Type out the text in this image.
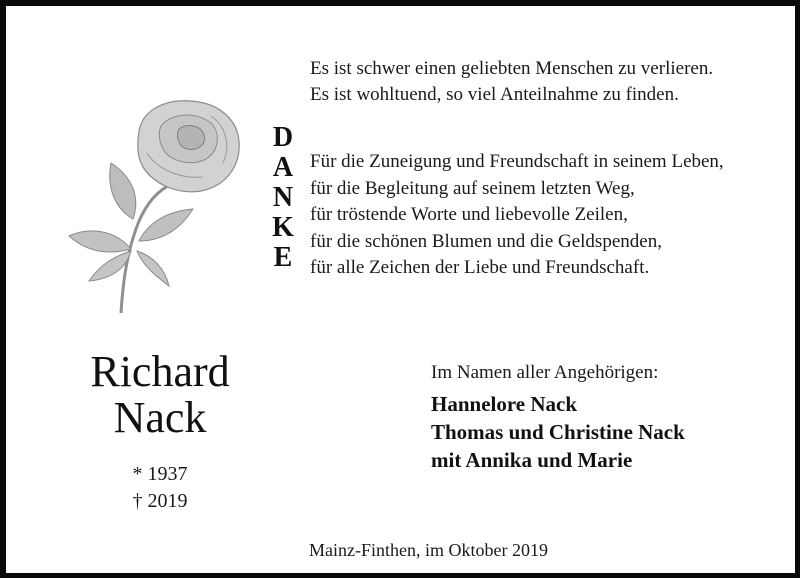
Es ist schwer einen geliebten Menschen zu verlieren.
Es ist wohltuend, so viel Anteilnahme zu finden.
D
A
N
K
E
Für die Zuneigung und Freundschaft in seinem Leben,
für die Begleitung auf seinem letzten Weg,
für tröstende Worte und liebevolle Zeilen,
für die schönen Blumen und die Geldspenden,
für alle Zeichen der Liebe und Freundschaft.
Richard
Nack
* 1937
† 2019
Im Namen aller Angehörigen:
Hannelore Nack
Thomas und Christine Nack
mit Annika und Marie
Mainz-Finthen, im Oktober 2019
